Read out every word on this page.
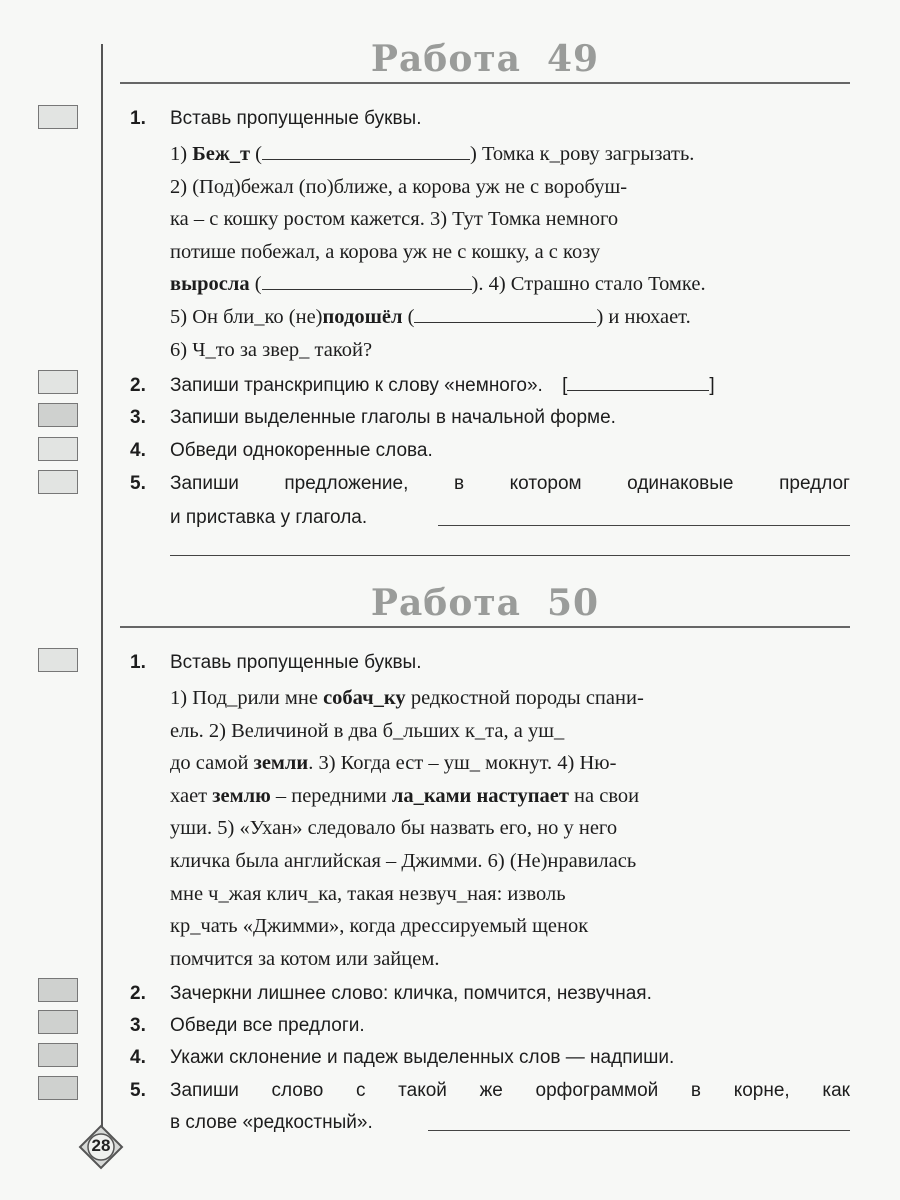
Работа 49
1. Вставь пропущенные буквы.
1) Беж_т (	) Томка к_рову загрызать.
2) (Под)бежал (по)ближе, а корова уж не с воробуш-
ка – с кошку ростом кажется. 3) Тут Томка немного
потише побежал, а корова уж не с кошку, а с козу
выросла (	). 4) Страшно стало Томке.
5) Он бли_ко (не)подошёл (	) и нюхает.
6) Ч_то за звер_ такой?
2. Запиши транскрипцию к слову «немного». [	]
3. Запиши выделенные глаголы в начальной форме.
4. Обведи однокоренные слова.
5. Запиши предложение, в котором одинаковые предлог
и приставка у глагола.
Работа 50
1. Вставь пропущенные буквы.
1) Под_рили мне собач_ку редкостной породы спани-
ель. 2) Величиной в два б_льших к_та, а уш_
до самой земли. 3) Когда ест – уш_ мокнут. 4) Ню-
хает землю – передними ла_ками наступает на свои
уши. 5) «Ухан» следовало бы назвать его, но у него
кличка была английская – Джимми. 6) (Не)нравилась
мне ч_жая клич_ка, такая незвуч_ная: изволь
кр_чать «Джимми», когда дрессируемый щенок
помчится за котом или зайцем.
2. Зачеркни лишнее слово: кличка, помчится, незвучная.
3. Обведи все предлоги.
4. Укажи склонение и падеж выделенных слов — надпиши.
5. Запиши слово с такой же орфограммой в корне, как
в слове «редкостный».
28
